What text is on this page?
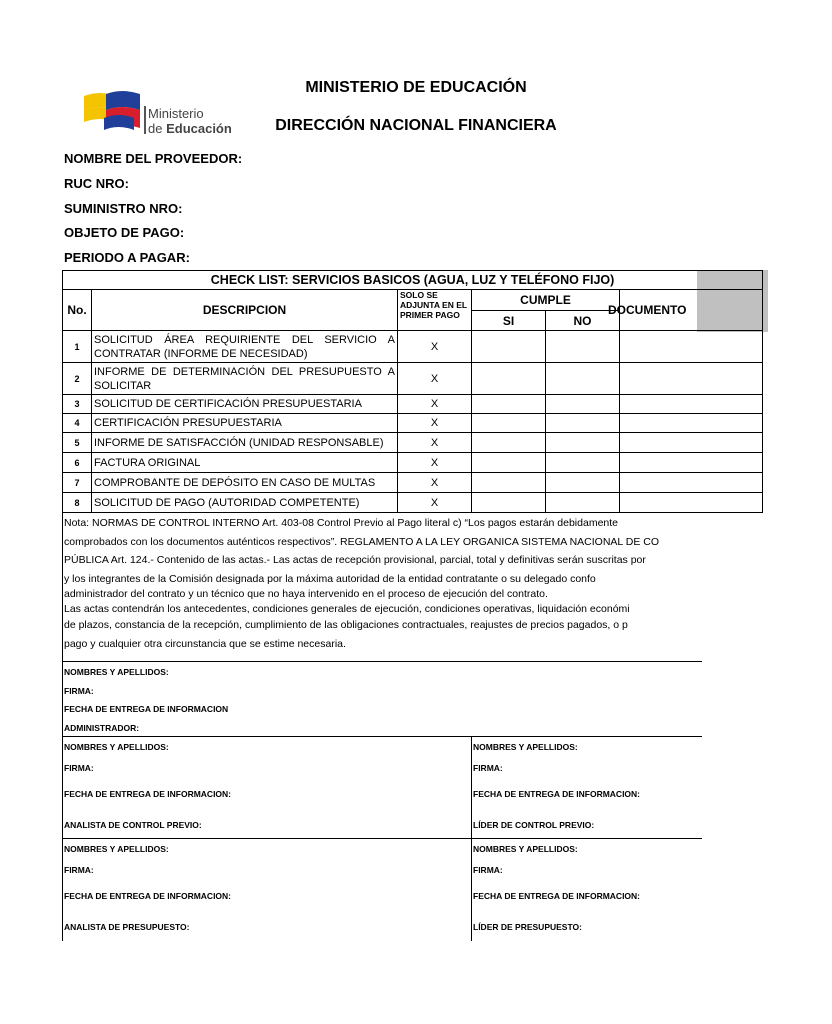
Ministerio
de Educación
MINISTERIO DE EDUCACIÓN
DIRECCIÓN NACIONAL FINANCIERA
NOMBRE DEL PROVEEDOR:
RUC NRO:
SUMINISTRO NRO:
OBJETO DE PAGO:
PERIODO A PAGAR:
CHECK LIST: SERVICIOS BASICOS (AGUA, LUZ Y TELÉFONO FIJO)					
No.	DESCRIPCION	SOLO SE ADJUNTA EN EL PRIMER PAGO	CUMPLE		DOCUMENTO
			SI	NO	
1	SOLICITUD ÁREA REQUIRIENTE DEL SERVICIO A CONTRATAR (INFORME DE NECESIDAD)	X			
2	INFORME DE DETERMINACIÓN DEL PRESUPUESTO A SOLICITAR	X			
3	SOLICITUD DE CERTIFICACIÓN PRESUPUESTARIA	X			
4	CERTIFICACIÓN PRESUPUESTARIA	X			
5	INFORME DE SATISFACCIÓN (UNIDAD RESPONSABLE)	X			
6	FACTURA ORIGINAL	X			
7	COMPROBANTE DE DEPÓSITO EN CASO DE MULTAS	X			
8	SOLICITUD DE PAGO (AUTORIDAD COMPETENTE)	X			
Nota: NORMAS DE CONTROL INTERNO Art. 403-08 Control Previo al Pago literal c) “Los pagos estarán debidamente
comprobados con los documentos auténticos respectivos”. REGLAMENTO A LA LEY ORGANICA SISTEMA NACIONAL DE CO
PÚBLICA Art. 124.- Contenido de las actas.- Las actas de recepción provisional, parcial, total y definitivas serán suscritas por
y los integrantes de la Comisión designada por la máxima autoridad de la entidad contratante o su delegado confo
administrador del contrato y un técnico que no haya intervenido en el proceso de ejecución del contrato.
Las actas contendrán los antecedentes, condiciones generales de ejecución, condiciones operativas, liquidación económi
de plazos, constancia de la recepción, cumplimiento de las obligaciones contractuales, reajustes de precios pagados, o p
pago y cualquier otra circunstancia que se estime necesaria.
NOMBRES Y APELLIDOS:
FIRMA:
FECHA DE ENTREGA DE INFORMACION
ADMINISTRADOR:
NOMBRES Y APELLIDOS:
FIRMA:
FECHA DE ENTREGA DE INFORMACION:
ANALISTA DE CONTROL PREVIO:
NOMBRES Y APELLIDOS:
FIRMA:
FECHA DE ENTREGA DE INFORMACION:
LÍDER DE CONTROL PREVIO:
NOMBRES Y APELLIDOS:
FIRMA:
FECHA DE ENTREGA DE INFORMACION:
ANALISTA DE PRESUPUESTO:
NOMBRES Y APELLIDOS:
FIRMA:
FECHA DE ENTREGA DE INFORMACION:
LÍDER DE PRESUPUESTO:
